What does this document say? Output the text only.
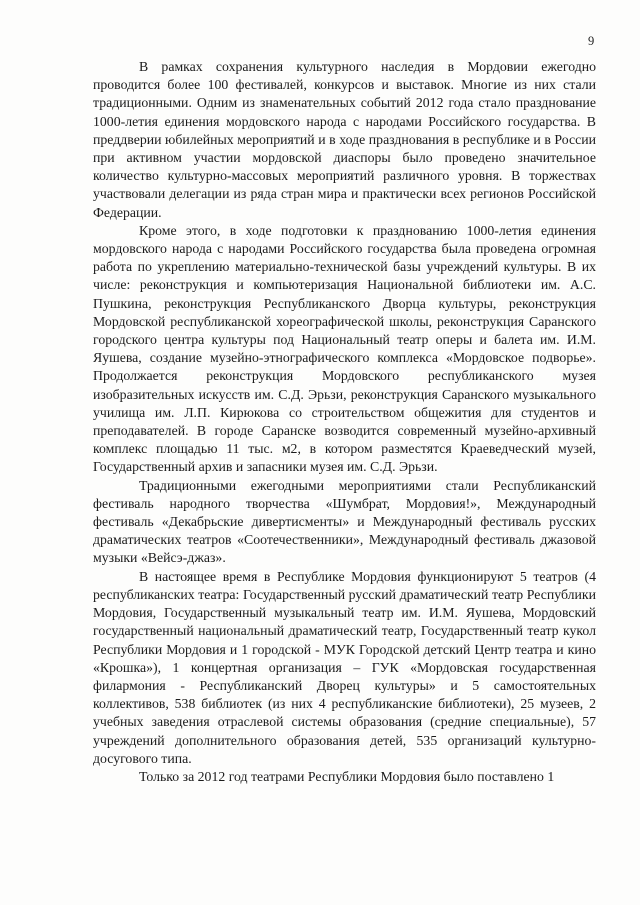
9

В рамках сохранения культурного наследия в Мордовии ежегодно проводится более 100 фестивалей, конкурсов и выставок. Многие из них стали традиционными. Одним из знаменательных событий 2012 года стало празднование 1000-летия единения мордовского народа с народами Российского государства. В преддверии юбилейных мероприятий и в ходе празднования в республике и в России при активном участии мордовской диаспоры было проведено значительное количество культурно-массовых мероприятий различного уровня. В торжествах участвовали делегации из ряда стран мира и практически всех регионов Российской Федерации.

Кроме этого, в ходе подготовки к празднованию 1000-летия единения мордовского народа с народами Российского государства была проведена огромная работа по укреплению материально-технической базы учреждений культуры. В их числе: реконструкция и компьютеризация Национальной библиотеки им. А.С. Пушкина, реконструкция Республиканского Дворца культуры, реконструкция Мордовской республиканской хореографической школы, реконструкция Саранского городского центра культуры под Национальный театр оперы и балета им. И.М. Яушева, создание музейно-этнографического комплекса «Мордовское подворье». Продолжается реконструкция Мордовского республиканского музея изобразительных искусств им. С.Д. Эрьзи, реконструкция Саранского музыкального училища им. Л.П. Кирюкова со строительством общежития для студентов и преподавателей. В городе Саранске возводится современный музейно-архивный комплекс площадью 11 тыс. м2, в котором разместятся Краеведческий музей, Государственный архив и запасники музея им. С.Д. Эрьзи.

Традиционными ежегодными мероприятиями стали Республиканский фестиваль народного творчества «Шумбрат, Мордовия!», Международный фестиваль «Декабрьские дивертисменты» и Международный фестиваль русских драматических театров «Соотечественники», Международный фестиваль джазовой музыки «Вейсэ-джаз».

В настоящее время в Республике Мордовия функционируют 5 театров (4 республиканских театра: Государственный русский драматический театр Республики Мордовия, Государственный музыкальный театр им. И.М. Яушева, Мордовский государственный национальный драматический театр, Государственный театр кукол Республики Мордовия и 1 городской - МУК Городской детский Центр театра и кино «Крошка»), 1 концертная организация – ГУК «Мордовская государственная филармония - Республиканский Дворец культуры» и 5 самостоятельных коллективов, 538 библиотек (из них 4 республиканские библиотеки), 25 музеев, 2 учебных заведения отраслевой системы образования (средние специальные), 57 учреждений дополнительного образования детей, 535 организаций культурно-досугового типа.

Только за 2012 год театрами Республики Мордовия было поставлено 1
